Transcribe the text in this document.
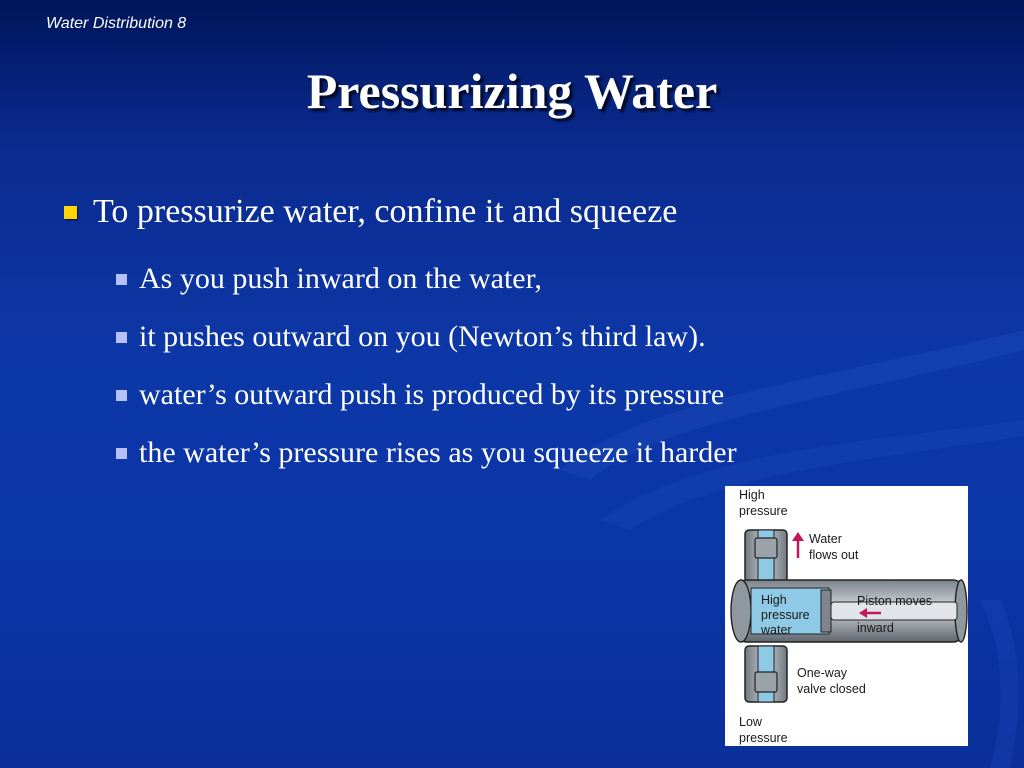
Water Distribution 8
Pressurizing Water
To pressurize water, confine it and squeeze
As you push inward on the water,
it pushes outward on you (Newton’s third law).
water’s outward push is produced by its pressure
the water’s pressure rises as you squeeze it harder
High
pressure
Water
flows out
High
pressure
water
Piston moves
inward
One-way
valve closed
Low
pressure
